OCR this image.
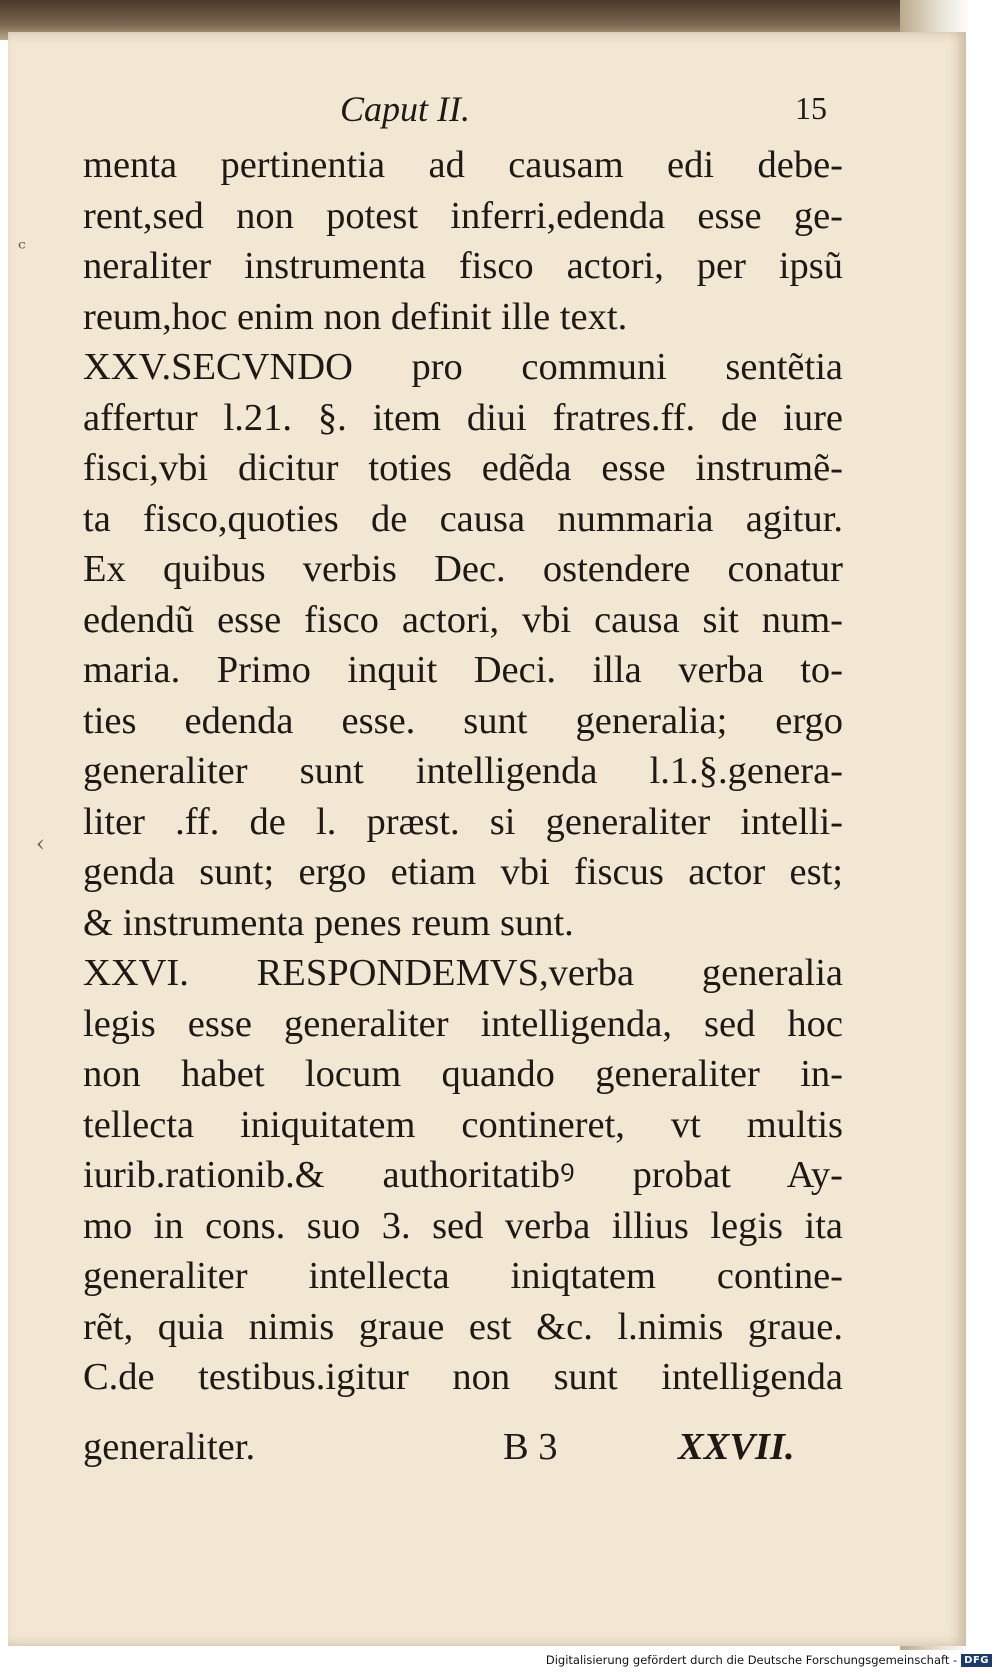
ᶜ
‹
Caput II.	15
menta pertinentia ad causam edi debe-
rent,sed non potest inferri,edenda esse ge-
neraliter instrumenta fisco actori, per ipsũ
reum,hoc enim non definit ille text.
XXV.SECVNDO pro communi sentẽtia
affertur l.21. §. item diui fratres.ff. de iure
fisci,vbi dicitur toties edẽda esse instrumẽ-
ta fisco,quoties de causa nummaria agitur.
Ex quibus verbis Dec. ostendere conatur
edendũ esse fisco actori, vbi causa sit num-
maria. Primo inquit Deci. illa verba to-
ties edenda esse. sunt generalia; ergo
generaliter sunt intelligenda l.1.§.genera-
liter .ff. de l. præst. si generaliter intelli-
genda sunt; ergo etiam vbi fiscus actor est;
& instrumenta penes reum sunt.
XXVI. RESPONDEMVS,verba generalia
legis esse generaliter intelligenda, sed hoc
non habet locum quando generaliter in-
tellecta iniquitatem contineret, vt multis
iurib.rationib.& authoritatibꝰ probat Ay-
mo in cons. suo 3. sed verba illius legis ita
generaliter intellecta iniqtatem contine-
rẽt, quia nimis graue est &c. l.nimis graue.
C.de testibus.igitur non sunt intelligenda
generaliter.	B 3	XXVII.
Digitalisierung gefördert durch die Deutsche Forschungsgemeinschaft - DFG
